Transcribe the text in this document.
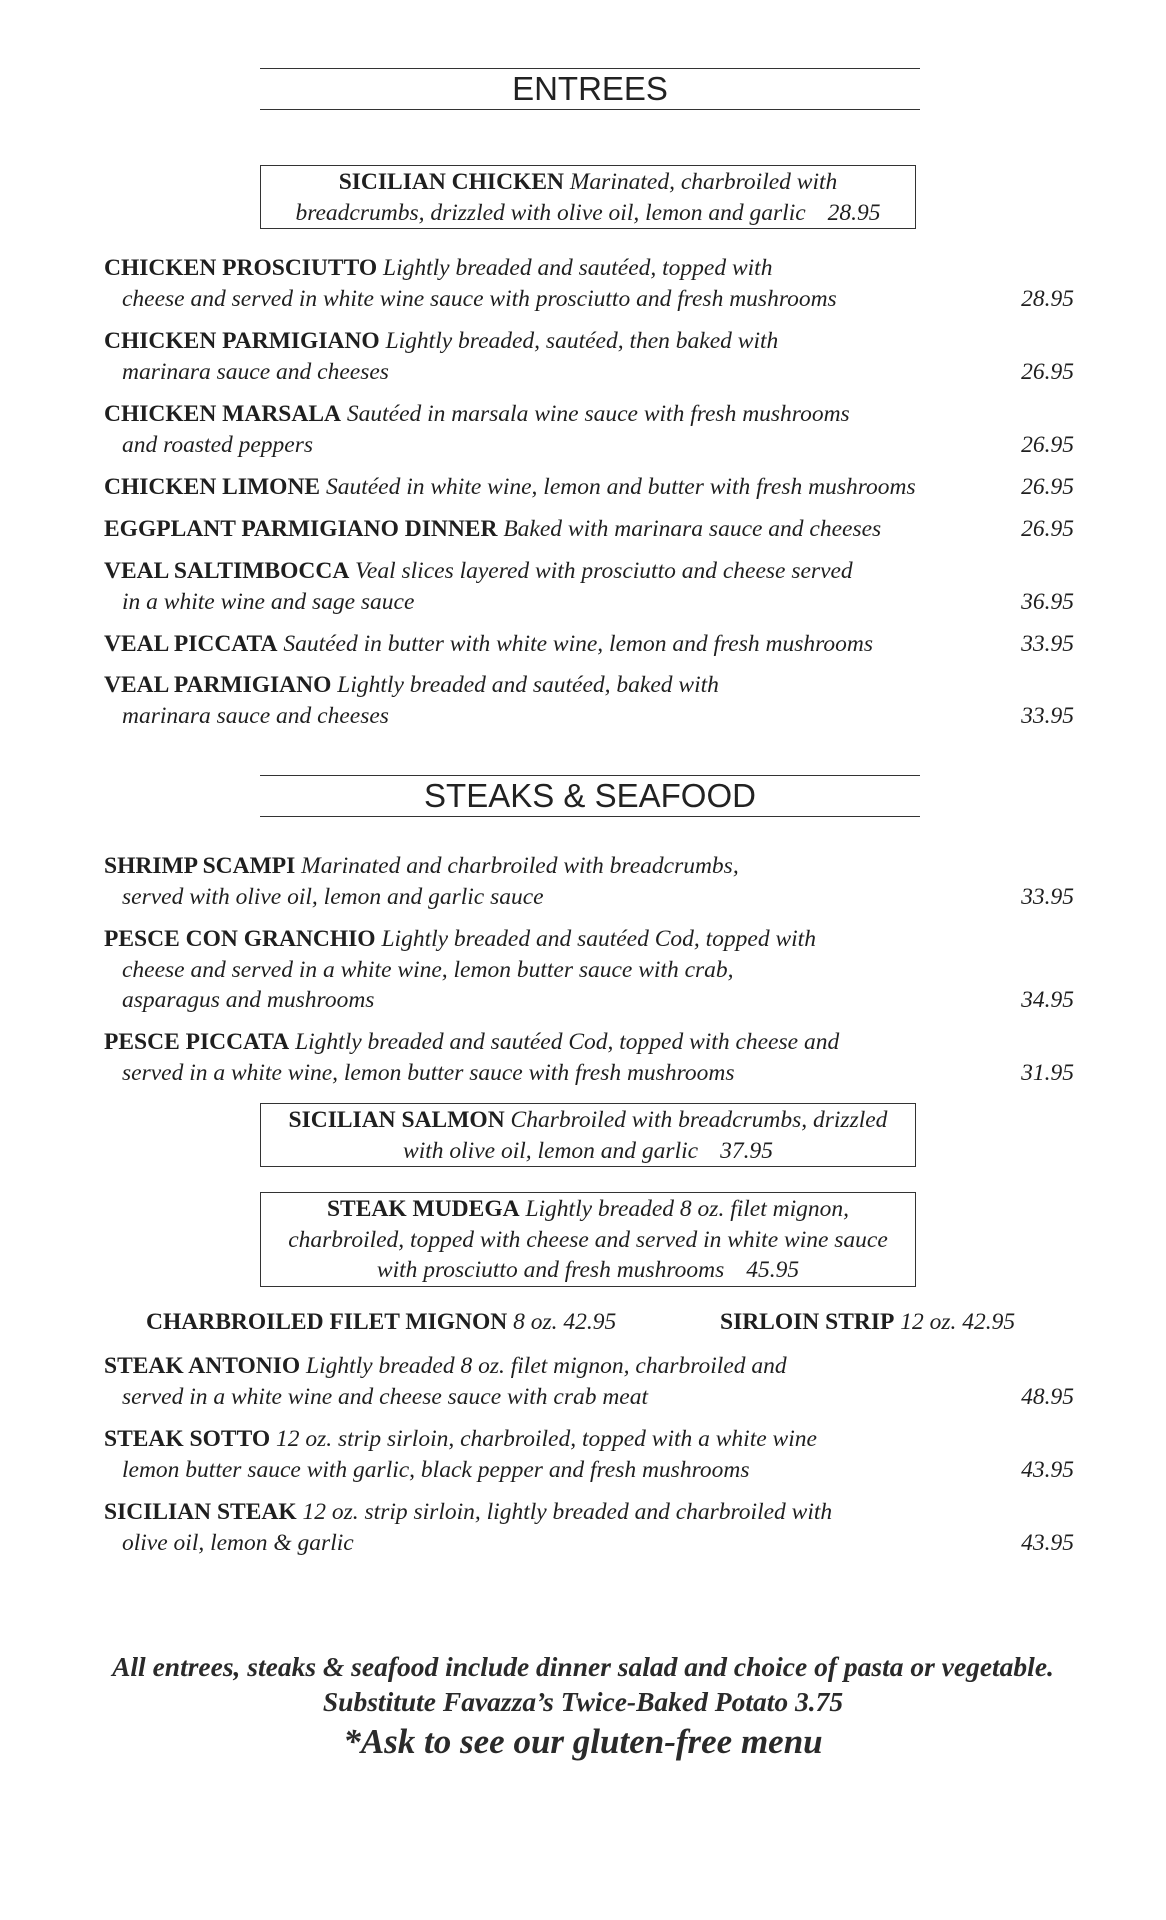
ENTREES
SICILIAN CHICKEN Marinated, charbroiled with
breadcrumbs, drizzled with olive oil, lemon and garlic 28.95
CHICKEN PROSCIUTTO Lightly breaded and sautéed, topped with
cheese and served in white wine sauce with prosciutto and fresh mushrooms	28.95
CHICKEN PARMIGIANO Lightly breaded, sautéed, then baked with
marinara sauce and cheeses	26.95
CHICKEN MARSALA Sautéed in marsala wine sauce with fresh mushrooms
and roasted peppers	26.95
CHICKEN LIMONE Sautéed in white wine, lemon and butter with fresh mushrooms	26.95
EGGPLANT PARMIGIANO DINNER Baked with marinara sauce and cheeses	26.95
VEAL SALTIMBOCCA Veal slices layered with prosciutto and cheese served
in a white wine and sage sauce	36.95
VEAL PICCATA Sautéed in butter with white wine, lemon and fresh mushrooms	33.95
VEAL PARMIGIANO Lightly breaded and sautéed, baked with
marinara sauce and cheeses	33.95
STEAKS & SEAFOOD
SHRIMP SCAMPI Marinated and charbroiled with breadcrumbs,
served with olive oil, lemon and garlic sauce	33.95
PESCE CON GRANCHIO Lightly breaded and sautéed Cod, topped with
cheese and served in a white wine, lemon butter sauce with crab,
asparagus and mushrooms	34.95
PESCE PICCATA Lightly breaded and sautéed Cod, topped with cheese and
served in a white wine, lemon butter sauce with fresh mushrooms	31.95
SICILIAN SALMON Charbroiled with breadcrumbs, drizzled
with olive oil, lemon and garlic 37.95
STEAK MUDEGA Lightly breaded 8 oz. filet mignon,
charbroiled, topped with cheese and served in white wine sauce
with prosciutto and fresh mushrooms 45.95
CHARBROILED FILET MIGNON 8 oz. 42.95	SIRLOIN STRIP 12 oz. 42.95
STEAK ANTONIO Lightly breaded 8 oz. filet mignon, charbroiled and
served in a white wine and cheese sauce with crab meat	48.95
STEAK SOTTO 12 oz. strip sirloin, charbroiled, topped with a white wine
lemon butter sauce with garlic, black pepper and fresh mushrooms	43.95
SICILIAN STEAK 12 oz. strip sirloin, lightly breaded and charbroiled with
olive oil, lemon & garlic	43.95
All entrees, steaks & seafood include dinner salad and choice of pasta or vegetable.
Substitute Favazza’s Twice-Baked Potato 3.75
*Ask to see our gluten-free menu
